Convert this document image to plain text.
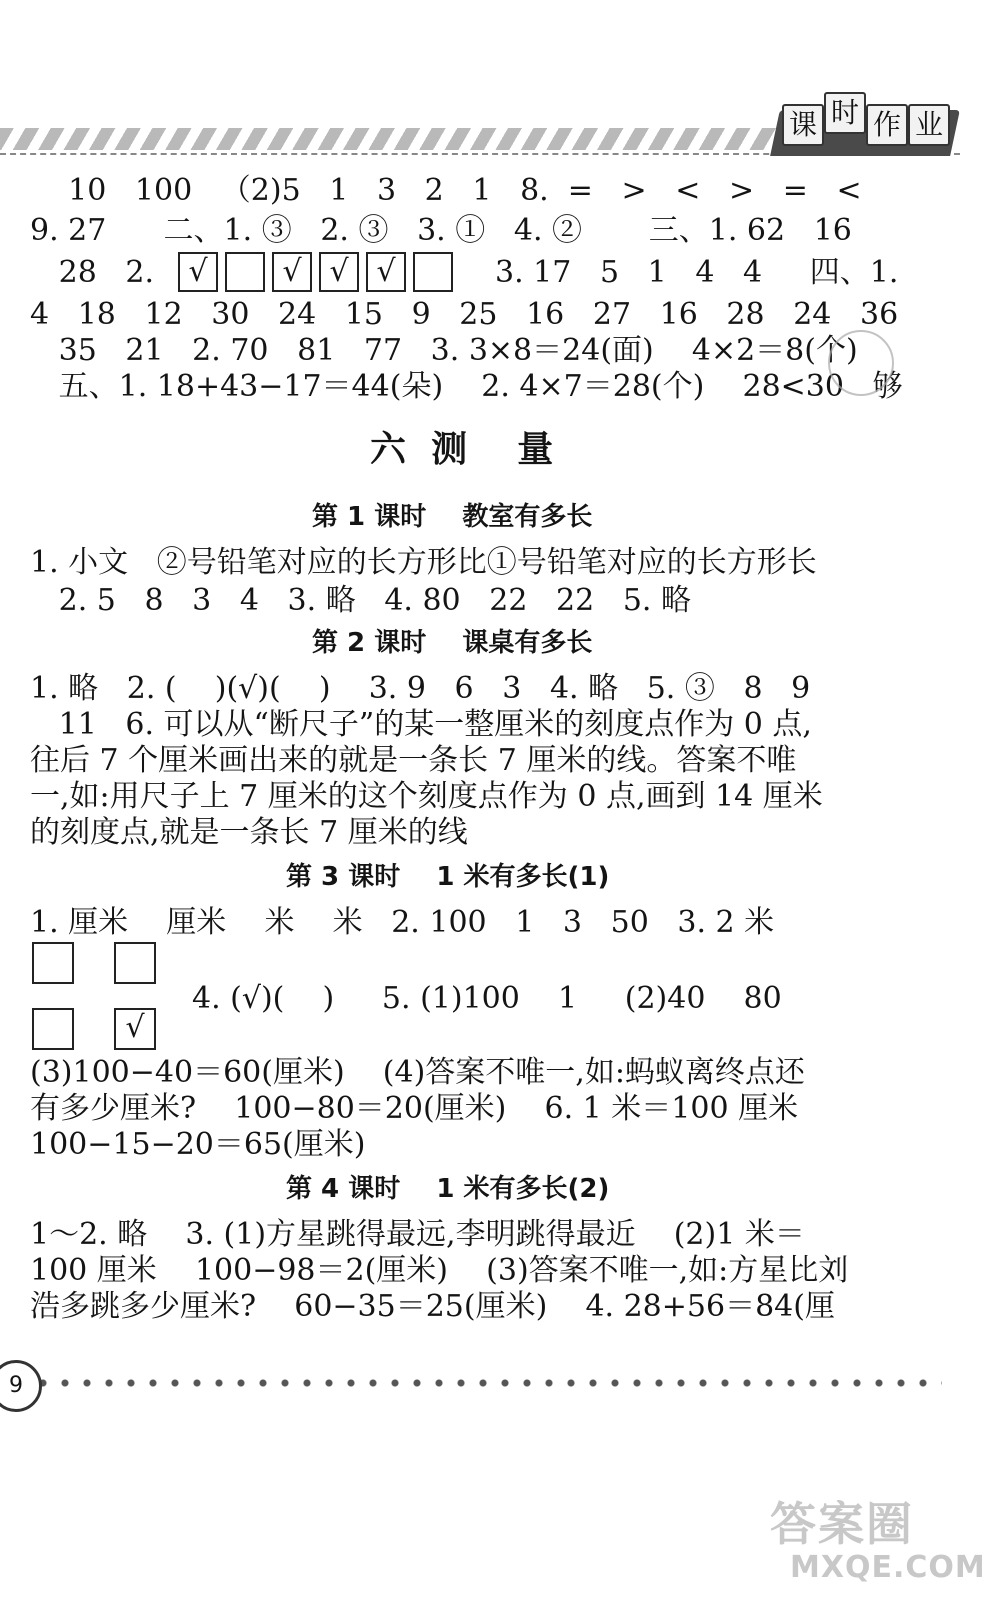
课 时 作 业
10   100   （2)5   1   3   2   1   8.  =   >   <   >   =   <
9. 27      二、1. ③   2. ③   3. ①   4. ②       三、1. 62   16
28   2.	√	√ √ √	3. 17   5   1   4   4     四、1.
4   18   12   30   24   15   9   25   16   27   16   28   24   36
35   21   2. 70   81   77   3. 3×8＝24(面)    4×2＝8(个)
五、1. 18+43−17＝44(朵)    2. 4×7＝28(个)    28<30   够
六  测    量
第 1 课时    教室有多长
1. 小文   ②号铅笔对应的长方形比①号铅笔对应的长方形长
2. 5   8   3   4   3. 略   4. 80   22   22   5. 略
第 2 课时    课桌有多长
1. 略   2. (    )(√)(    )    3. 9   6   3   4. 略   5. ③   8   9
11   6. 可以从“断尺子”的某一整厘米的刻度点作为 0 点,
往后 7 个厘米画出来的就是一条长 7 厘米的线。答案不唯
一,如:用尺子上 7 厘米的这个刻度点作为 0 点,画到 14 厘米
的刻度点,就是一条长 7 厘米的线
第 3 课时    1 米有多长(1)
1. 厘米    厘米    米    米   2. 100   1   3   50   3. 2 米
√
4. (√)(    )     5. (1)100    1     (2)40    80
(3)100−40＝60(厘米)    (4)答案不唯一,如:蚂蚁离终点还
有多少厘米?    100−80＝20(厘米)    6. 1 米＝100 厘米
100−15−20＝65(厘米)
第 4 课时    1 米有多长(2)
1～2. 略    3. (1)方星跳得最远,李明跳得最近    (2)1 米＝
100 厘米    100−98＝2(厘米)    (3)答案不唯一,如:方星比刘
浩多跳多少厘米?    60−35＝25(厘米)    4. 28+56＝84(厘
9
答案圈
MXQE.COM
